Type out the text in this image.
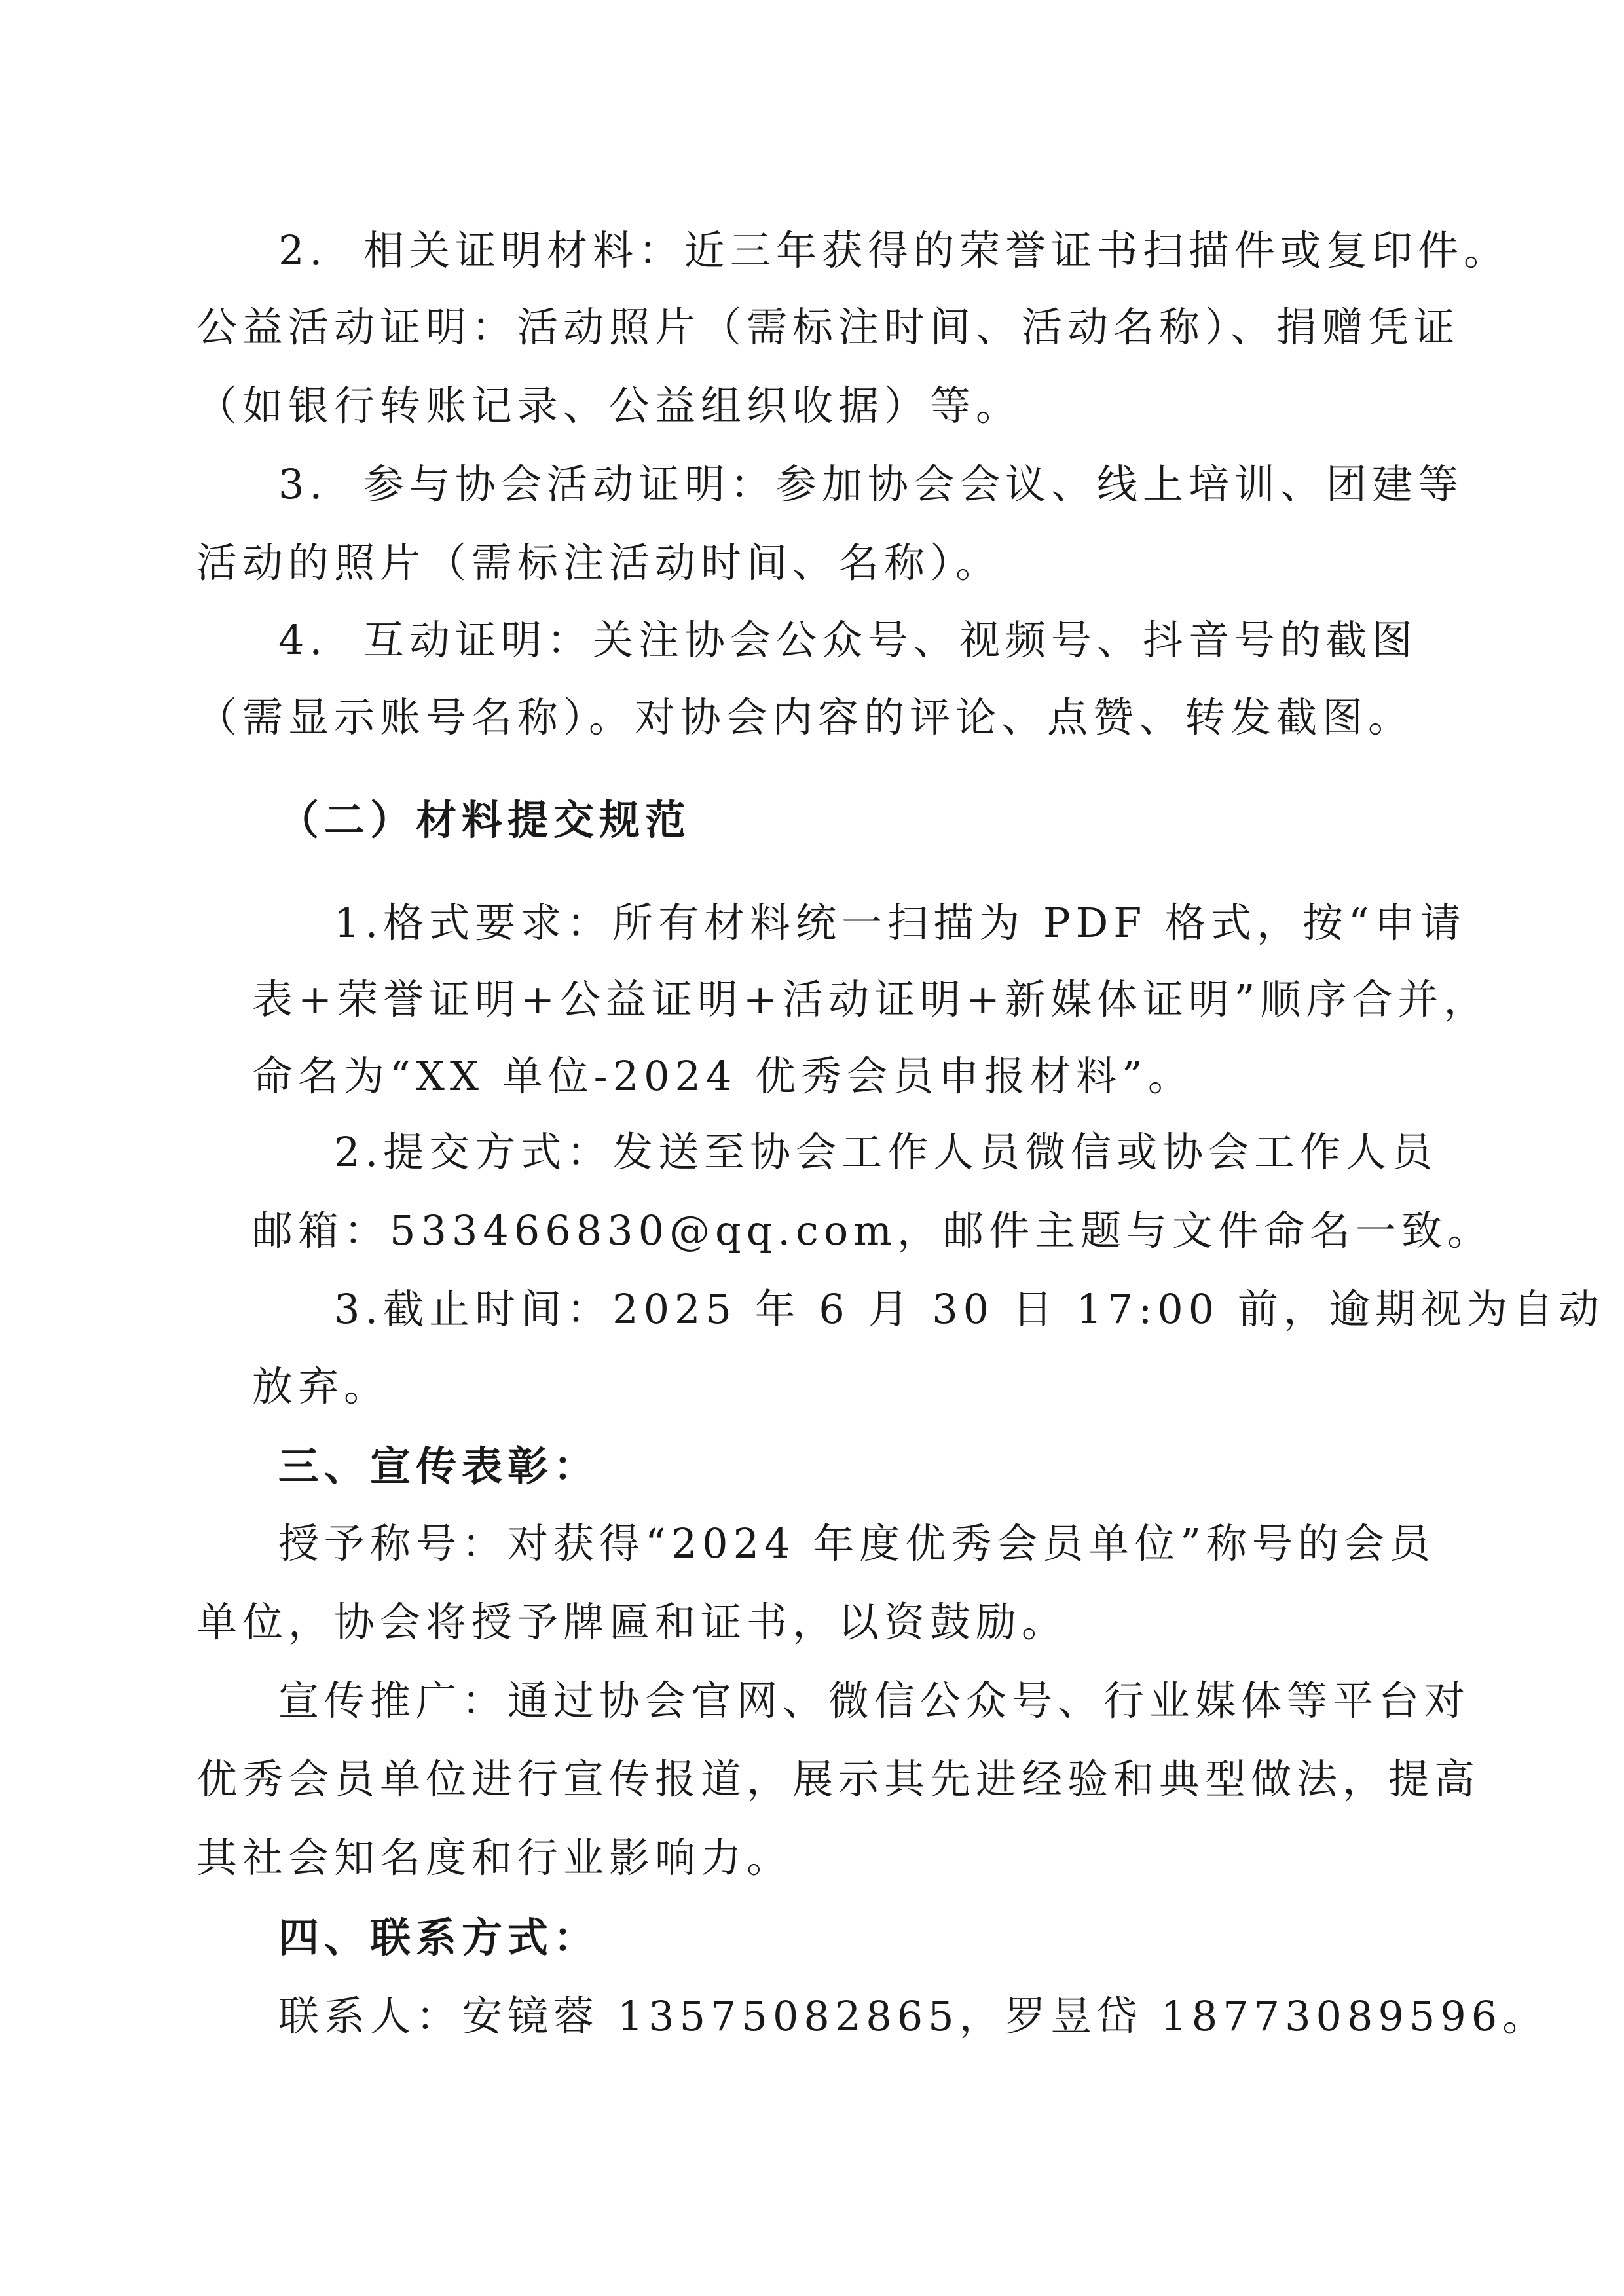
2. 相关证明材料：近三年获得的荣誉证书扫描件或复印件。
公益活动证明：活动照片（需标注时间、活动名称）、捐赠凭证
（如银行转账记录、公益组织收据）等。
3. 参与协会活动证明：参加协会会议、线上培训、团建等
活动的照片（需标注活动时间、名称）。
4. 互动证明：关注协会公众号、视频号、抖音号的截图
（需显示账号名称）。对协会内容的评论、点赞、转发截图。
（二）材料提交规范
1.格式要求：所有材料统一扫描为 PDF 格式，按“申请
表+荣誉证明+公益证明+活动证明+新媒体证明”顺序合并，
命名为“XX 单位-2024 优秀会员申报材料”。
2.提交方式：发送至协会工作人员微信或协会工作人员
邮箱：533466830@qq.com，邮件主题与文件命名一致。
3.截止时间：2025 年 6 月 30 日 17:00 前，逾期视为自动
放弃。
三、宣传表彰：
授予称号：对获得“2024 年度优秀会员单位”称号的会员
单位，协会将授予牌匾和证书，以资鼓励。
宣传推广：通过协会官网、微信公众号、行业媒体等平台对
优秀会员单位进行宣传报道，展示其先进经验和典型做法，提高
其社会知名度和行业影响力。
四、联系方式：
联系人：安镜蓉 13575082865，罗昱岱 18773089596。
